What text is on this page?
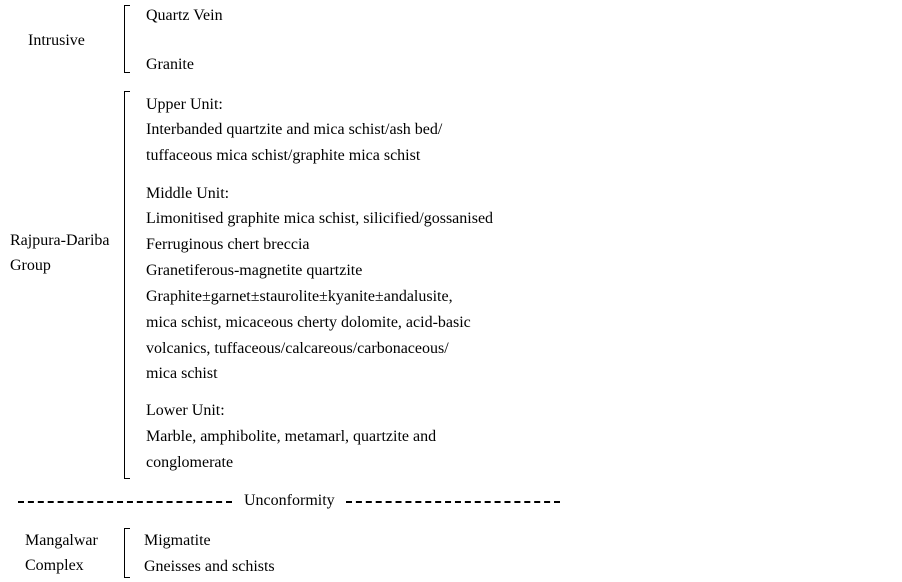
Intrusive
Quartz Vein
Granite
Rajpura-Dariba
Group
Upper Unit:
Interbanded quartzite and mica schist/ash bed/
tuffaceous mica schist/graphite mica schist
Middle Unit:
Limonitised graphite mica schist, silicified/gossanised
Ferruginous chert breccia
Granetiferous-magnetite quartzite
Graphite±garnet±staurolite±kyanite±andalusite,
mica schist, micaceous cherty dolomite, acid-basic
volcanics, tuffaceous/calcareous/carbonaceous/
mica schist
Lower Unit:
Marble, amphibolite, metamarl, quartzite and
conglomerate
Unconformity
Mangalwar
Complex
Migmatite
Gneisses and schists
